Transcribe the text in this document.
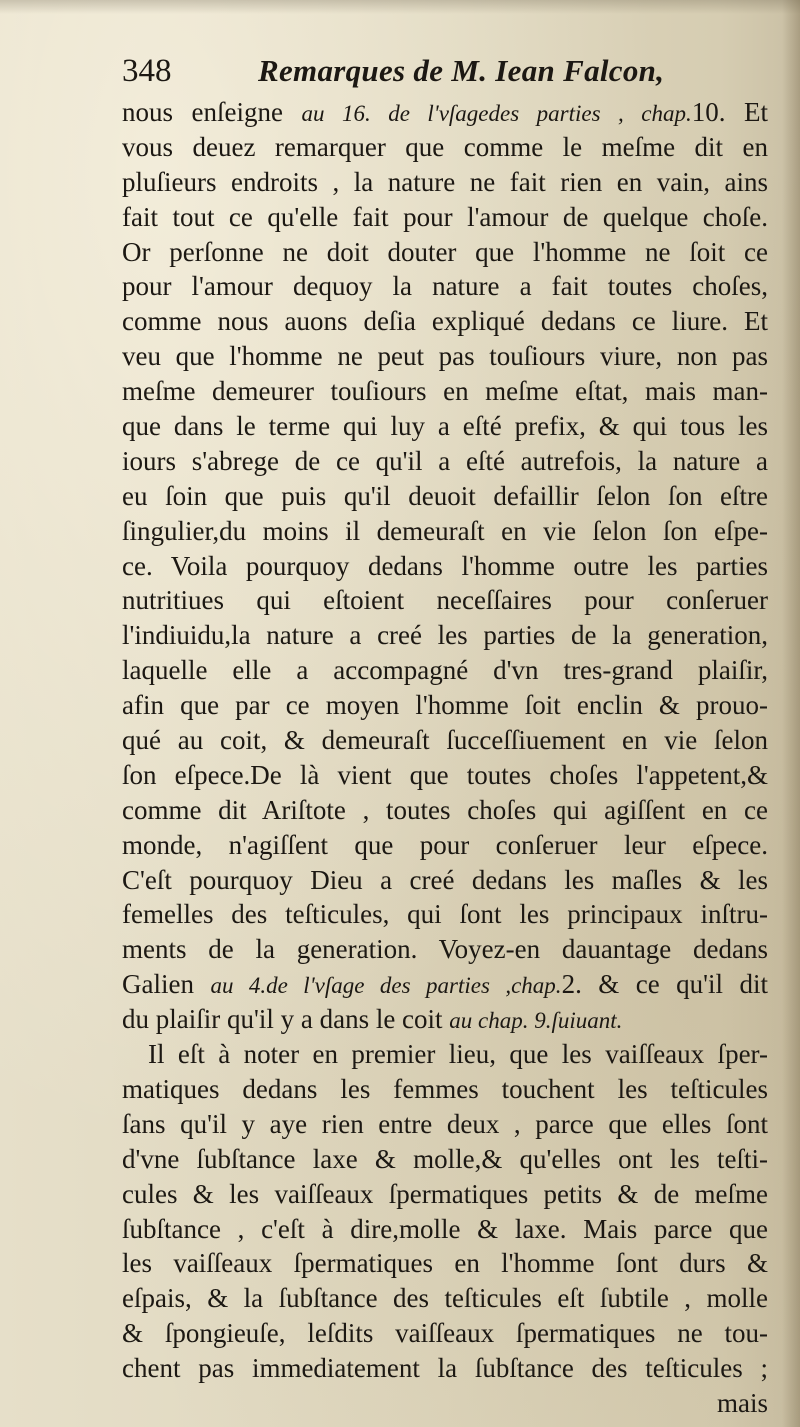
348	Remarques de M. Iean Falcon,
nous enſeigne au 16. de l'vſagedes parties , chap.10. Et
vous deuez remarquer que comme le meſme dit en
pluſieurs endroits , la nature ne fait rien en vain, ains
fait tout ce qu'elle fait pour l'amour de quelque choſe.
Or perſonne ne doit douter que l'homme ne ſoit ce
pour l'amour dequoy la nature a fait toutes choſes,
comme nous auons deſia expliqué dedans ce liure. Et
veu que l'homme ne peut pas touſiours viure, non pas
meſme demeurer touſiours en meſme eſtat, mais man-
que dans le terme qui luy a eſté prefix, & qui tous les
iours s'abrege de ce qu'il a eſté autrefois, la nature a
eu ſoin que puis qu'il deuoit defaillir ſelon ſon eſtre
ſingulier,du moins il demeuraſt en vie ſelon ſon eſpe-
ce. Voila pourquoy dedans l'homme outre les parties
nutritiues qui eſtoient neceſſaires pour conſeruer
l'indiuidu,la nature a creé les parties de la generation,
laquelle elle a accompagné d'vn tres-grand plaiſir,
afin que par ce moyen l'homme ſoit enclin & prouo-
qué au coit, & demeuraſt ſucceſſiuement en vie ſelon
ſon eſpece.De là vient que toutes choſes l'appetent,&
comme dit Ariſtote , toutes choſes qui agiſſent en ce
monde, n'agiſſent que pour conſeruer leur eſpece.
C'eſt pourquoy Dieu a creé dedans les maſles & les
femelles des teſticules, qui ſont les principaux inſtru-
ments de la generation. Voyez-en dauantage dedans
Galien au 4.de l'vſage des parties ,chap.2. & ce qu'il dit
du plaiſir qu'il y a dans le coit au chap. 9.ſuiuant.
Il eſt à noter en premier lieu, que les vaiſſeaux ſper-
matiques dedans les femmes touchent les teſticules
ſans qu'il y aye rien entre deux , parce que elles ſont
d'vne ſubſtance laxe & molle,& qu'elles ont les teſti-
cules & les vaiſſeaux ſpermatiques petits & de meſme
ſubſtance , c'eſt à dire,molle & laxe. Mais parce que
les vaiſſeaux ſpermatiques en l'homme ſont durs &
eſpais, & la ſubſtance des teſticules eſt ſubtile , molle
& ſpongieuſe, leſdits vaiſſeaux ſpermatiques ne tou-
chent pas immediatement la ſubſtance des teſticules ;
mais
